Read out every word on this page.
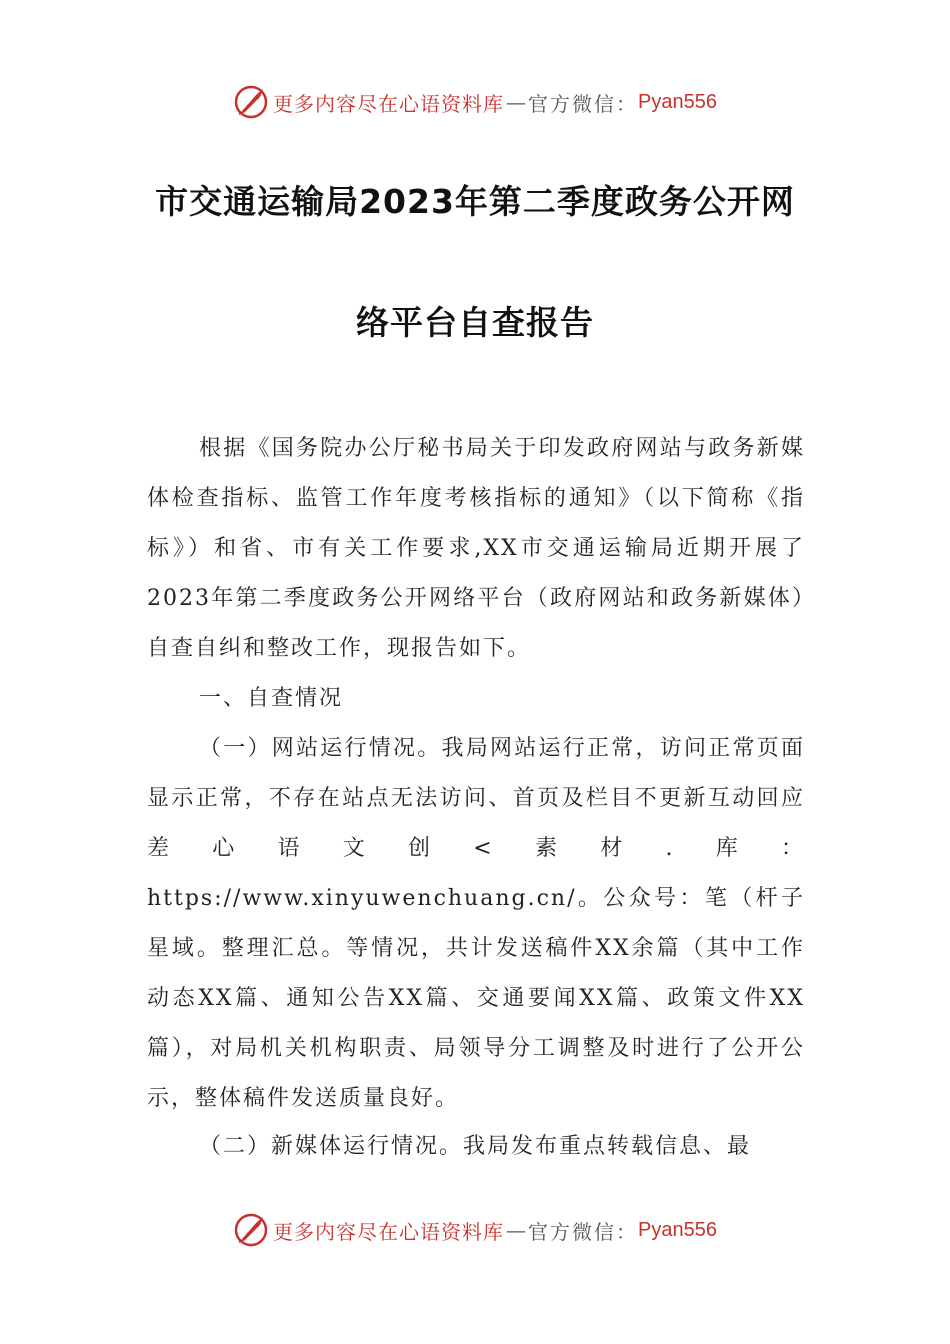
更多内容尽在心语资料库 — 官方微信： Pyan556
市交通运输局2023年第二季度政务公开网
络平台自查报告
根据《国务院办公厅秘书局关于印发政府网站与政务新媒体检查指标、监管工作年度考核指标的通知》（以下简称《指标》）和省、市有关工作要求,XX市交通运输局近期开展了2023年第二季度政务公开网络平台（政府网站和政务新媒体）自查自纠和整改工作，现报告如下。
一、自查情况
（一）网站运行情况。我局网站运行正常，访问正常页面显示正常，不存在站点无法访问、首页及栏目不更新互动回应差心语文创<素材.库：https://www.xinyuwenchuang.cn/。公众号：笔（杆子星域。整理汇总。等情况，共计发送稿件XX余篇（其中工作动态XX篇、通知公告XX篇、交通要闻XX篇、政策文件XX篇），对局机关机构职责、局领导分工调整及时进行了公开公示，整体稿件发送质量良好。
（二）新媒体运行情况。我局发布重点转载信息、最
更多内容尽在心语资料库 — 官方微信： Pyan556
